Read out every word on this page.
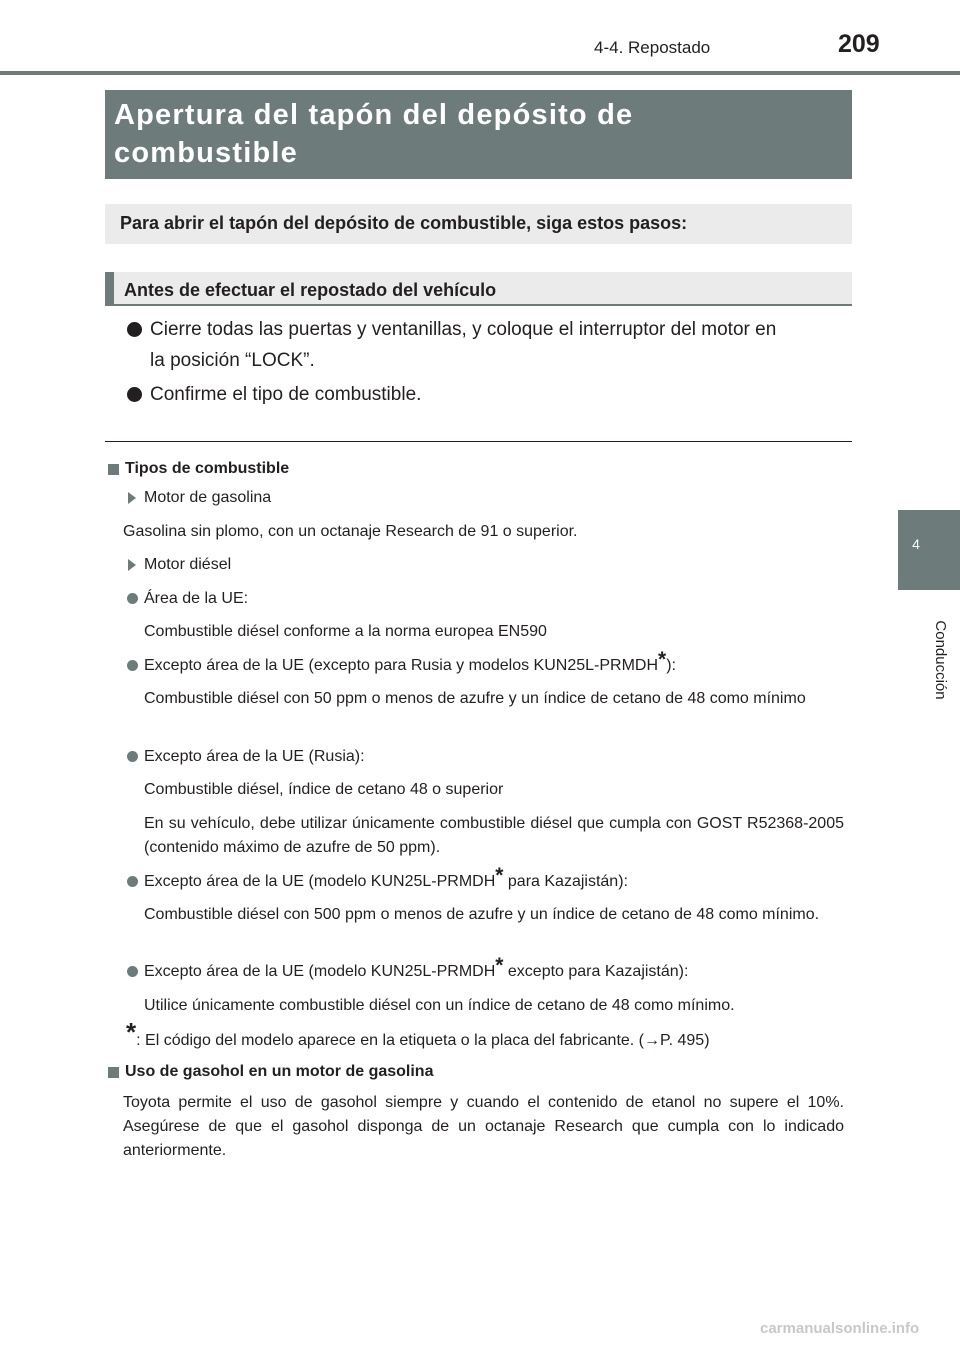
4-4. Repostado	209
4
Conducción
Apertura del tapón del depósito de
combustible
Para abrir el tapón del depósito de combustible, siga estos pasos:
Antes de efectuar el repostado del vehículo
Cierre todas las puertas y ventanillas, y coloque el interruptor del motor en
la posición “LOCK”.
Confirme el tipo de combustible.
Tipos de combustible
Motor de gasolina
Gasolina sin plomo, con un octanaje Research de 91 o superior.
Motor diésel
Área de la UE:
Combustible diésel conforme a la norma europea EN590
Excepto área de la UE (excepto para Rusia y modelos KUN25L-PRMDH*):
Combustible diésel con 50 ppm o menos de azufre y un índice de cetano de 48 como mínimo
Excepto área de la UE (Rusia):
Combustible diésel, índice de cetano 48 o superior
En su vehículo, debe utilizar únicamente combustible diésel que cumpla con GOST R52368-2005 (contenido máximo de azufre de 50 ppm).
Excepto área de la UE (modelo KUN25L-PRMDH* para Kazajistán):
Combustible diésel con 500 ppm o menos de azufre y un índice de cetano de 48 como mínimo.
Excepto área de la UE (modelo KUN25L-PRMDH* excepto para Kazajistán):
Utilice únicamente combustible diésel con un índice de cetano de 48 como mínimo.
*: El código del modelo aparece en la etiqueta o la placa del fabricante. (→P. 495)
Uso de gasohol en un motor de gasolina
Toyota permite el uso de gasohol siempre y cuando el contenido de etanol no supere el 10%. Asegúrese de que el gasohol disponga de un octanaje Research que cumpla con lo indicado anteriormente.
carmanualsonline.info
